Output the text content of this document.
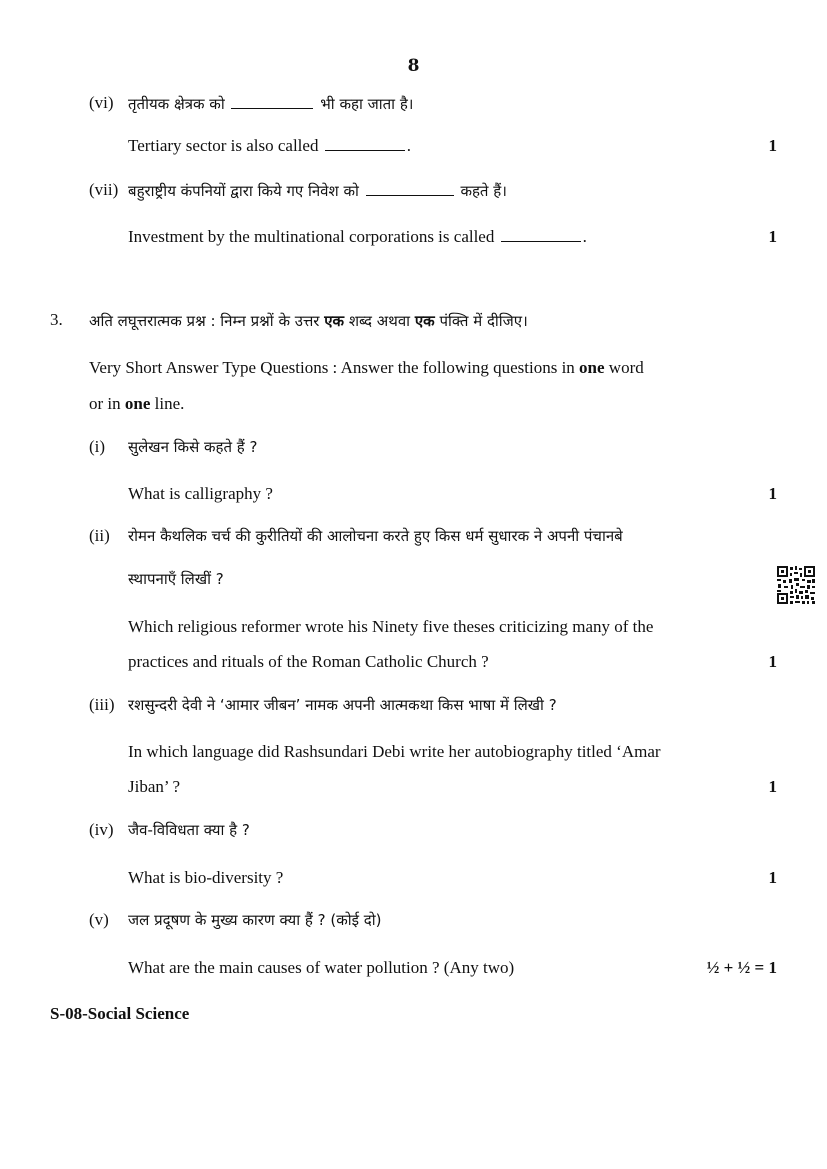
8
(vi) तृतीयक क्षेत्रक को	भी कहा जाता है।
Tertiary sector is also called	.	1
(vii) बहुराष्ट्रीय कंपनियों द्वारा किये गए निवेश को	कहते हैं।
Investment by the multinational corporations is called	.	1
3. अति लघूत्तरात्मक प्रश्न : निम्न प्रश्नों के उत्तर एक शब्द अथवा एक पंक्ति में दीजिए।
Very Short Answer Type Questions : Answer the following questions in one word
or in one line.
(i) सुलेखन किसे कहते हैं ?
What is calligraphy ?	1
(ii) रोमन कैथलिक चर्च की कुरीतियों की आलोचना करते हुए किस धर्म सुधारक ने अपनी पंचानबे
स्थापनाएँ लिखीं ?
Which religious reformer wrote his Ninety five theses criticizing many of the
practices and rituals of the Roman Catholic Church ?	1
(iii) रशसुन्दरी देवी ने ‘आमार जीबन’ नामक अपनी आत्मकथा किस भाषा में लिखी ?
In which language did Rashsundari Debi write her autobiography titled ‘Amar
Jiban’ ?	1
(iv) जैव-विविधता क्या है ?
What is bio-diversity ?	1
(v) जल प्रदूषण के मुख्य कारण क्या हैं ? (कोई दो)
What are the main causes of water pollution ? (Any two)	½ + ½ = 1
S-08-Social Science
